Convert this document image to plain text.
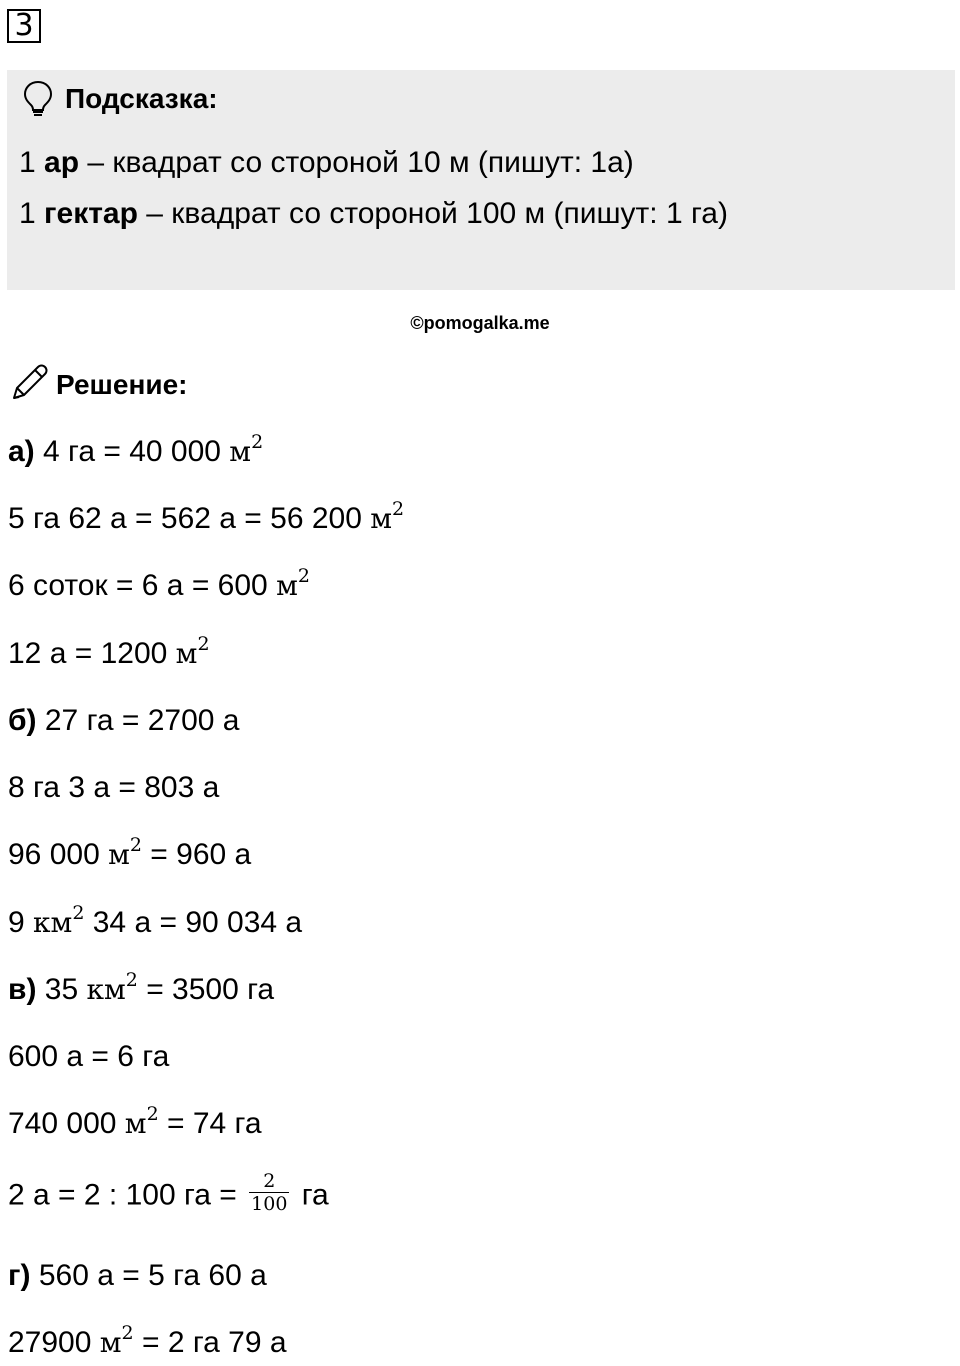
3
Подсказка:
1 ар – квадрат со стороной 10 м (пишут: 1а)
1 гектар – квадрат со стороной 100 м (пишут: 1 га)
©pomogalka.me
Решение:
а) 4 га = 40 000 $м^2$
5 га 62 а = 562 а = 56 200 $м^2$
6 соток = 6 а = 600 $м^2$
12 а = 1200 $м^2$
б) 27 га = 2700 а
8 га 3 а = 803 а
96 000 $м^2 = 960$ а
9 $км^2$ 34 а = 90 034 а
в) 35 $км^2 = 3500$ га
600 а = 6 га
740 000 $м^2 = 74$ га
2 а = 2 : 100 га = $\frac{2}{100}$ га
г) 560 а = 5 га 60 а
27900 $м^2 = 2$ га 79 а
